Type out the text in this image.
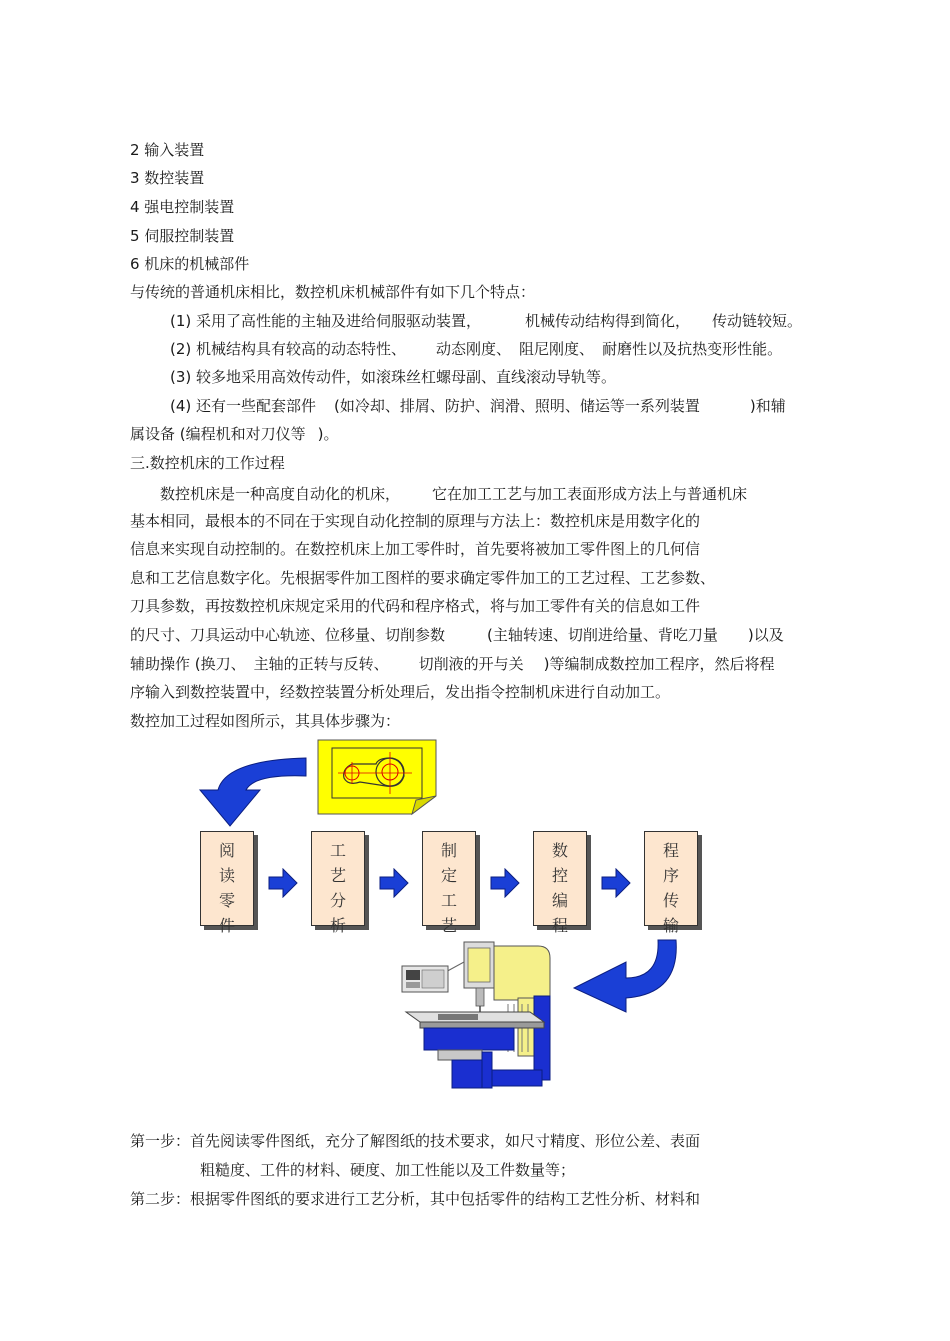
2 输入装置
3 数控装置
4 强电控制装置
5 伺服控制装置
6 机床的机械部件
与传统的普通机床相比，数控机床机械部件有如下几个特点：
(1) 采用了高性能的主轴及进给伺服驱动装置，	机械传动结构得到简化， 传动链较短。
(2) 机械结构具有较高的动态特性、 动态刚度、 阻尼刚度、 耐磨性以及抗热变形性能。
(3) 较多地采用高效传动件，如滚珠丝杠螺母副、直线滚动导轨等。
(4) 还有一些配套部件 (如冷却、排屑、防护、润滑、照明、储运等一系列装置	)和辅
属设备 (编程机和对刀仪等 )。
三.数控机床的工作过程
数控机床是一种高度自动化的机床， 它在加工工艺与加工表面形成方法上与普通机床
基本相同，最根本的不同在于实现自动化控制的原理与方法上：数控机床是用数字化的
信息来实现自动控制的。在数控机床上加工零件时，首先要将被加工零件图上的几何信
息和工艺信息数字化。先根据零件加工图样的要求确定零件加工的工艺过程、工艺参数、
刀具参数，再按数控机床规定采用的代码和程序格式，将与加工零件有关的信息如工件
的尺寸、刀具运动中心轨迹、位移量、切削参数	(主轴转速、切削进给量、背吃刀量 )以及
辅助操作 (换刀、 主轴的正转与反转、 切削液的开与关 )等编制成数控加工程序，然后将程
序输入到数控装置中，经数控装置分析处理后，发出指令控制机床进行自动加工。
数控加工过程如图所示，其具体步骤为：
阅
读
零
件
工
艺
分
析
制
定
工
艺
数
控
编
程
程
序
传
输
第一步：首先阅读零件图纸，充分了解图纸的技术要求，如尺寸精度、形位公差、表面
粗糙度、工件的材料、硬度、加工性能以及工件数量等；
第二步：根据零件图纸的要求进行工艺分析，其中包括零件的结构工艺性分析、材料和
